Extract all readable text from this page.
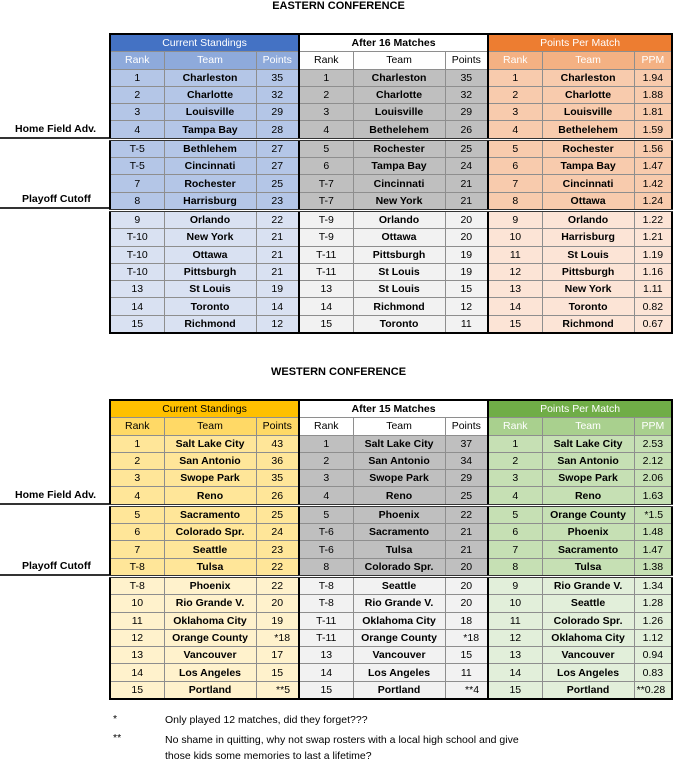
EASTERN CONFERENCE
Home Field Adv.
Playoff Cutoff
Current Standings			After 16 Matches			Points Per Match		
Rank	Team	Points	Rank	Team	Points	Rank	Team	PPM
1	Charleston	35	1	Charleston	35	1	Charleston	1.94
2	Charlotte	32	2	Charlotte	32	2	Charlotte	1.88
3	Louisville	29	3	Louisville	29	3	Louisville	1.81
4	Tampa Bay	28	4	Bethelehem	26	4	Bethelehem	1.59
T-5	Bethlehem	27	5	Rochester	25	5	Rochester	1.56
T-5	Cincinnati	27	6	Tampa Bay	24	6	Tampa Bay	1.47
7	Rochester	25	T-7	Cincinnati	21	7	Cincinnati	1.42
8	Harrisburg	23	T-7	New York	21	8	Ottawa	1.24
9	Orlando	22	T-9	Orlando	20	9	Orlando	1.22
T-10	New York	21	T-9	Ottawa	20	10	Harrisburg	1.21
T-10	Ottawa	21	T-11	Pittsburgh	19	11	St Louis	1.19
T-10	Pittsburgh	21	T-11	St Louis	19	12	Pittsburgh	1.16
13	St Louis	19	13	St Louis	15	13	New York	1.11
14	Toronto	14	14	Richmond	12	14	Toronto	0.82
15	Richmond	12	15	Toronto	11	15	Richmond	0.67
WESTERN CONFERENCE
Home Field Adv.
Playoff Cutoff
Current Standings			After 15 Matches			Points Per Match		
Rank	Team	Points	Rank	Team	Points	Rank	Team	PPM
1	Salt Lake City	43	1	Salt Lake City	37	1	Salt Lake City	2.53
2	San Antonio	36	2	San Antonio	34	2	San Antonio	2.12
3	Swope Park	35	3	Swope Park	29	3	Swope Park	2.06
4	Reno	26	4	Reno	25	4	Reno	1.63
5	Sacramento	25	5	Phoenix	22	5	Orange County	*1.5
6	Colorado Spr.	24	T-6	Sacramento	21	6	Phoenix	1.48
7	Seattle	23	T-6	Tulsa	21	7	Sacramento	1.47
T-8	Tulsa	22	8	Colorado Spr.	20	8	Tulsa	1.38
T-8	Phoenix	22	T-8	Seattle	20	9	Rio Grande V.	1.34
10	Rio Grande V.	20	T-8	Rio Grande V.	20	10	Seattle	1.28
11	Oklahoma City	19	T-11	Oklahoma City	18	11	Colorado Spr.	1.26
12	Orange County	*18	T-11	Orange County	*18	12	Oklahoma City	1.12
13	Vancouver	17	13	Vancouver	15	13	Vancouver	0.94
14	Los Angeles	15	14	Los Angeles	11	14	Los Angeles	0.83
15	Portland	**5	15	Portland	**4	15	Portland	**0.28
*	Only played 12 matches, did they forget???
**	No shame in quitting, why not swap rosters with a local high school and give
those kids some memories to last a lifetime?
